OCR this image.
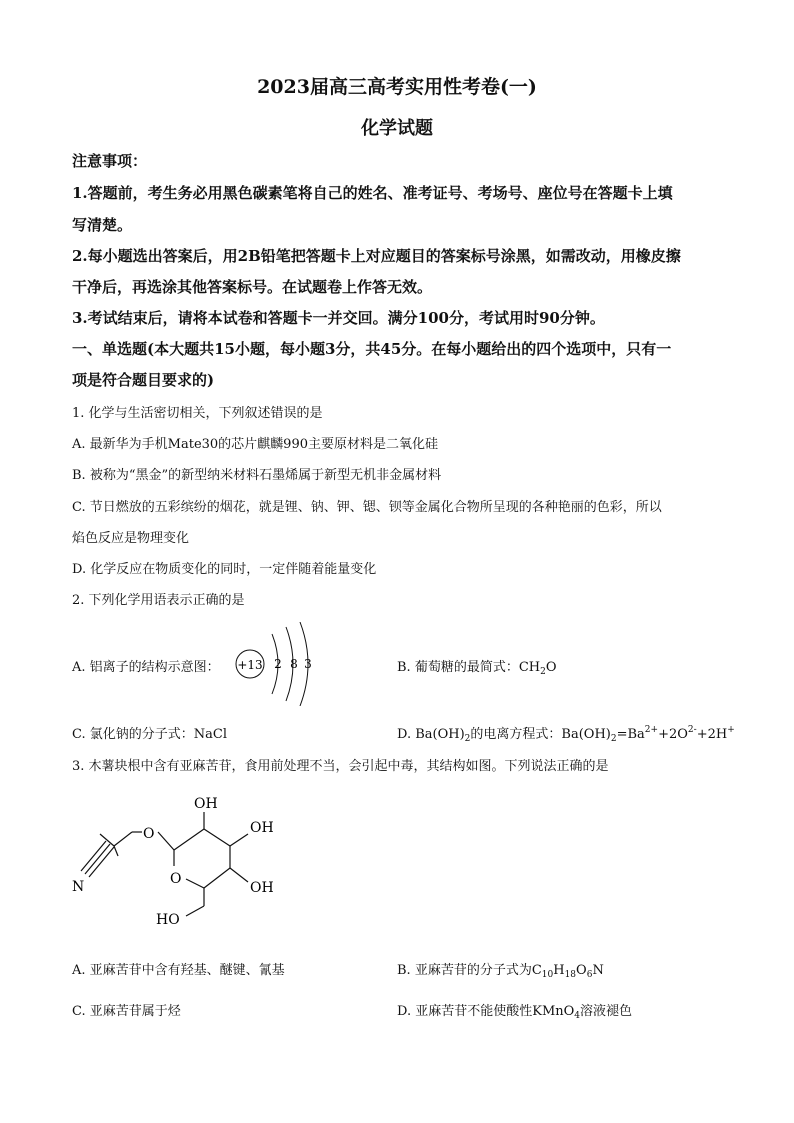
2023届高三高考实用性考卷(一)
化学试题
注意事项：
1.答题前，考生务必用黑色碳素笔将自己的姓名、准考证号、考场号、座位号在答题卡上填
写清楚。
2.每小题选出答案后，用2B铅笔把答题卡上对应题目的答案标号涂黑，如需改动，用橡皮擦
干净后，再选涂其他答案标号。在试题卷上作答无效。
3.考试结束后，请将本试卷和答题卡一并交回。满分100分，考试用时90分钟。
一、单选题(本大题共15小题，每小题3分，共45分。在每小题给出的四个选项中，只有一
项是符合题目要求的)
1. 化学与生活密切相关，下列叙述错误的是
A. 最新华为手机Mate30的芯片麒麟990主要原材料是二氧化硅
B. 被称为“黑金”的新型纳米材料石墨烯属于新型无机非金属材料
C. 节日燃放的五彩缤纷的烟花，就是锂、钠、钾、锶、钡等金属化合物所呈现的各种艳丽的色彩，所以
焰色反应是物理变化
D. 化学反应在物质变化的同时，一定伴随着能量变化
2. 下列化学用语表示正确的是
A. 铝离子的结构示意图： +13 2 8 3	B. 葡萄糖的最简式：$CH_2O$
C. 氯化钠的分子式：NaCl	D. $Ba(OH)_2$的电离方程式：$Ba(OH)_2=Ba^{2+}+2O^{2-}+2H^+$
3. 木薯块根中含有亚麻苦苷，食用前处理不当，会引起中毒，其结构如图。下列说法正确的是
N
O
O
OH
OH
OH
HO
A. 亚麻苦苷中含有羟基、醚键、氰基	B. 亚麻苦苷的分子式为$C_{10}H_{18}O_6N$
C. 亚麻苦苷属于烃	D. 亚麻苦苷不能使酸性KMnO$_4$溶液褪色
